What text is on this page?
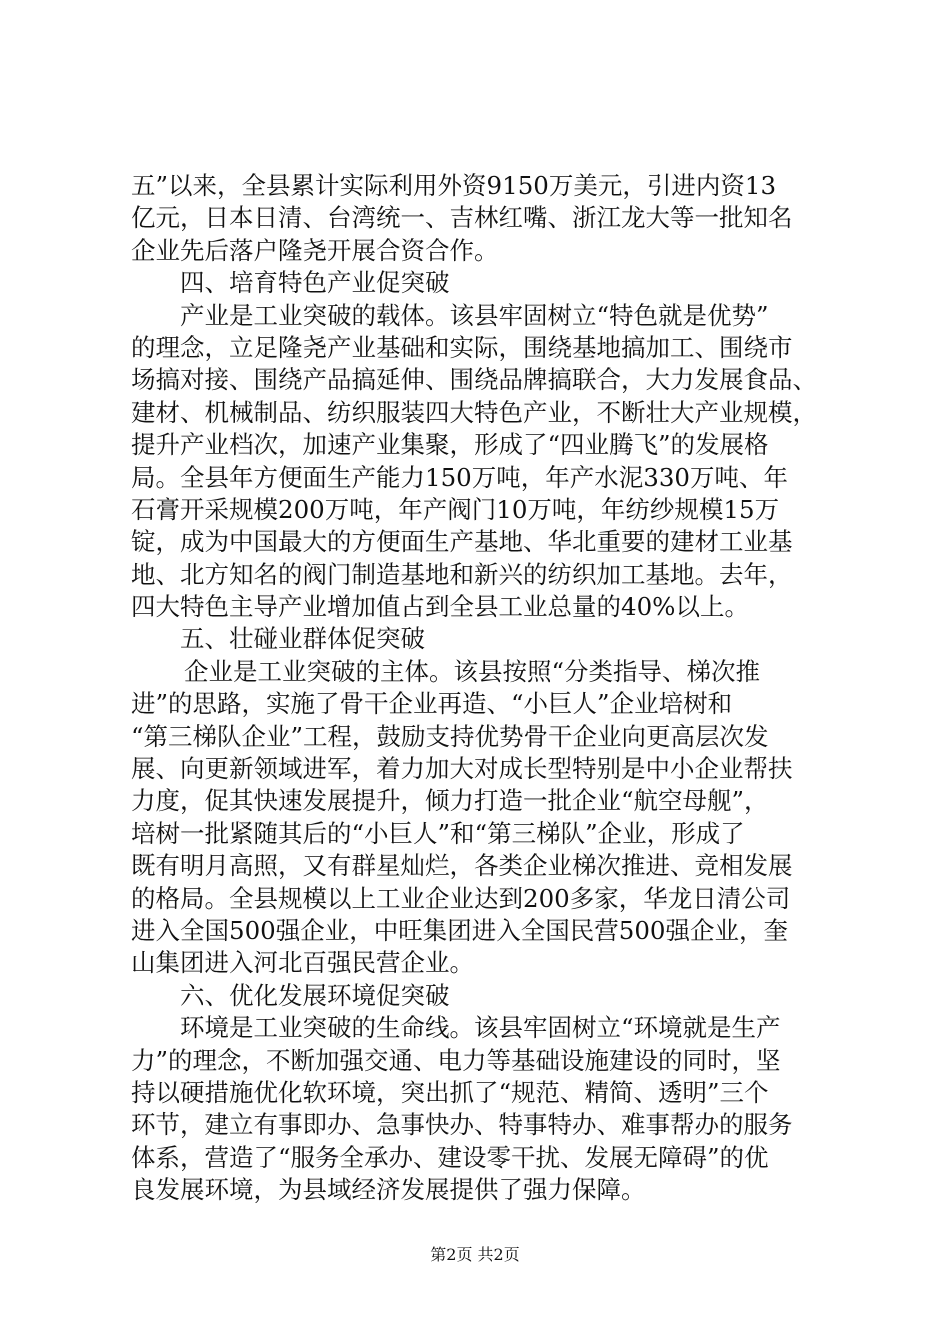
五”以来，全县累计实际利用外资9150万美元，引进内资13
亿元，日本日清、台湾统一、吉林红嘴、浙江龙大等一批知名
企业先后落户隆尧开展合资合作。
四、培育特色产业促突破
产业是工业突破的载体。该县牢固树立“特色就是优势”
的理念，立足隆尧产业基础和实际，围绕基地搞加工、围绕市
场搞对接、围绕产品搞延伸、围绕品牌搞联合，大力发展食品、
建材、机械制品、纺织服装四大特色产业，不断壮大产业规模，
提升产业档次，加速产业集聚，形成了“四业腾飞”的发展格
局。全县年方便面生产能力150万吨，年产水泥330万吨、年
石膏开采规模200万吨，年产阀门10万吨，年纺纱规模15万
锭，成为中国最大的方便面生产基地、华北重要的建材工业基
地、北方知名的阀门制造基地和新兴的纺织加工基地。去年，
四大特色主导产业增加值占到全县工业总量的40%以上。
五、壮碰业群体促突破
企业是工业突破的主体。该县按照“分类指导、梯次推
进”的思路，实施了骨干企业再造、“小巨人”企业培树和
“第三梯队企业”工程，鼓励支持优势骨干企业向更高层次发
展、向更新领域进军，着力加大对成长型特别是中小企业帮扶
力度，促其快速发展提升，倾力打造一批企业“航空母舰”，
培树一批紧随其后的“小巨人”和“第三梯队”企业，形成了
既有明月高照，又有群星灿烂，各类企业梯次推进、竞相发展
的格局。全县规模以上工业企业达到200多家，华龙日清公司
进入全国500强企业，中旺集团进入全国民营500强企业，奎
山集团进入河北百强民营企业。
六、优化发展环境促突破
环境是工业突破的生命线。该县牢固树立“环境就是生产
力”的理念，不断加强交通、电力等基础设施建设的同时，坚
持以硬措施优化软环境，突出抓了“规范、精简、透明”三个
环节，建立有事即办、急事快办、特事特办、难事帮办的服务
体系，营造了“服务全承办、建设零干扰、发展无障碍”的优
良发展环境，为县域经济发展提供了强力保障。
第2页 共2页
